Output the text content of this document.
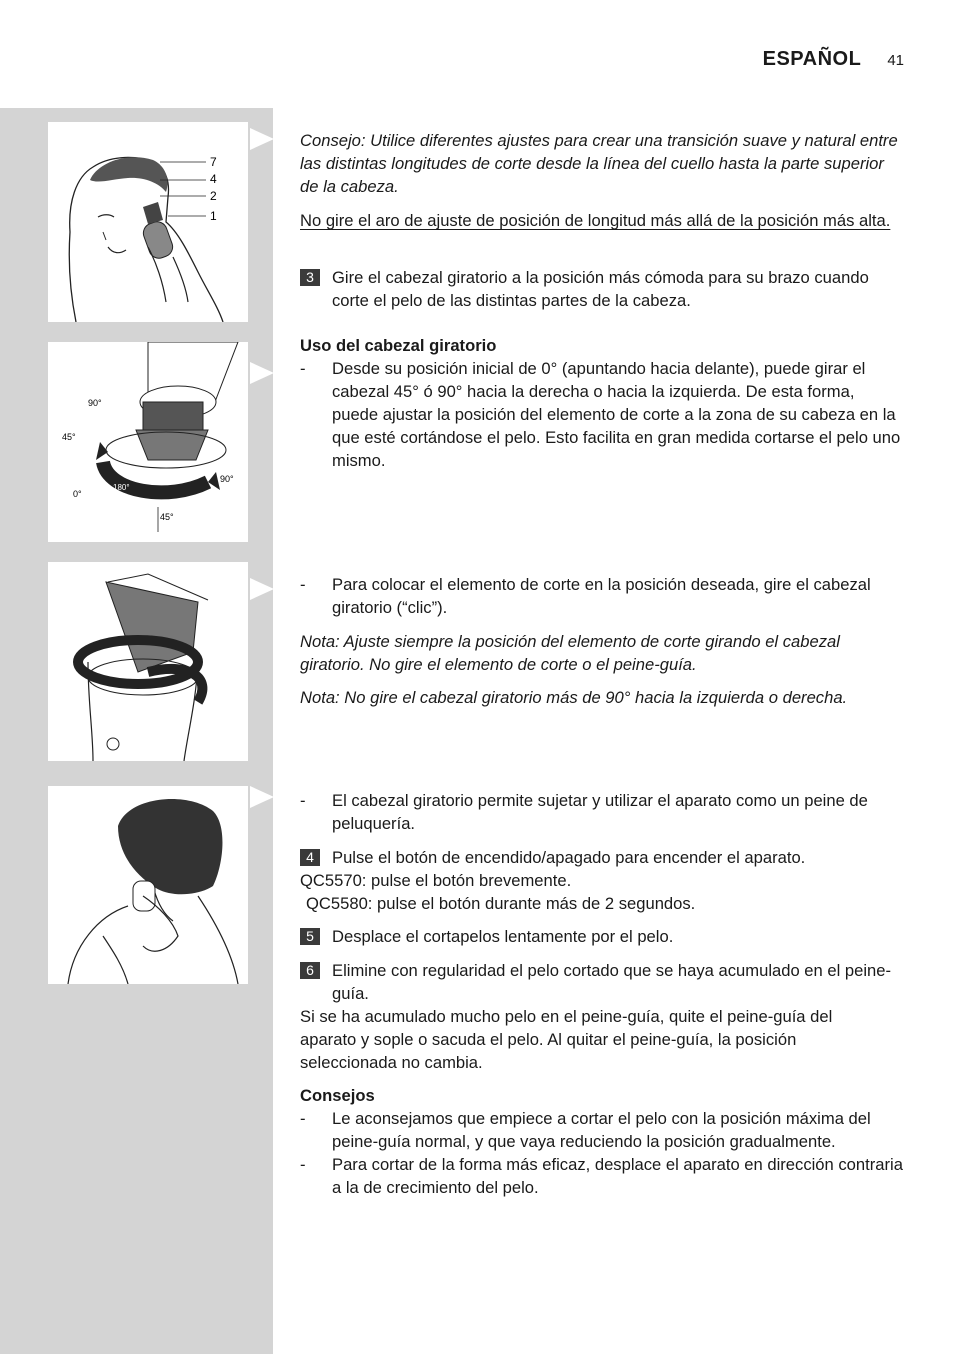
ESPAÑOL 41
7
4
2
1
90°
45°
0°
180°
45°
90°

Consejo: Utilice diferentes ajustes para crear una transición suave y natural entre las distintas longitudes de corte desde la línea del cuello hasta la parte superior de la cabeza.

No gire el aro de ajuste de posición de longitud más allá de la posición más alta.

3	Gire el cabezal giratorio a la posición más cómoda para su brazo cuando corte el pelo de las distintas partes de la cabeza.

Uso del cabezal giratorio

-	Desde su posición inicial de 0° (apuntando hacia delante), puede girar el cabezal 45° ó 90° hacia la derecha o hacia la izquierda. De esta forma, puede ajustar la posición del elemento de corte a la zona de su cabeza en la que esté cortándose el pelo. Esto facilita en gran medida cortarse el pelo uno mismo.

-	Para colocar el elemento de corte en la posición deseada, gire el cabezal giratorio (“clic”).

Nota: Ajuste siempre la posición del elemento de corte girando el cabezal giratorio. No gire el elemento de corte o el peine-guía.

Nota: No gire el cabezal giratorio más de 90° hacia la izquierda o derecha.

-	El cabezal giratorio permite sujetar y utilizar el aparato como un peine de peluquería.

4	Pulse el botón de encendido/apagado para encender el aparato.

QC5570: pulse el botón brevemente.

QC5580: pulse el botón durante más de 2 segundos.

5	Desplace el cortapelos lentamente por el pelo.

6	Elimine con regularidad el pelo cortado que se haya acumulado en el peine-guía.

Si se ha acumulado mucho pelo en el peine-guía, quite el peine-guía del aparato y sople o sacuda el pelo. Al quitar el peine-guía, la posición seleccionada no cambia.

Consejos

-	Le aconsejamos que empiece a cortar el pelo con la posición máxima del peine-guía normal, y que vaya reduciendo la posición gradualmente.

-	Para cortar de la forma más eficaz, desplace el aparato en dirección contraria a la de crecimiento del pelo.
